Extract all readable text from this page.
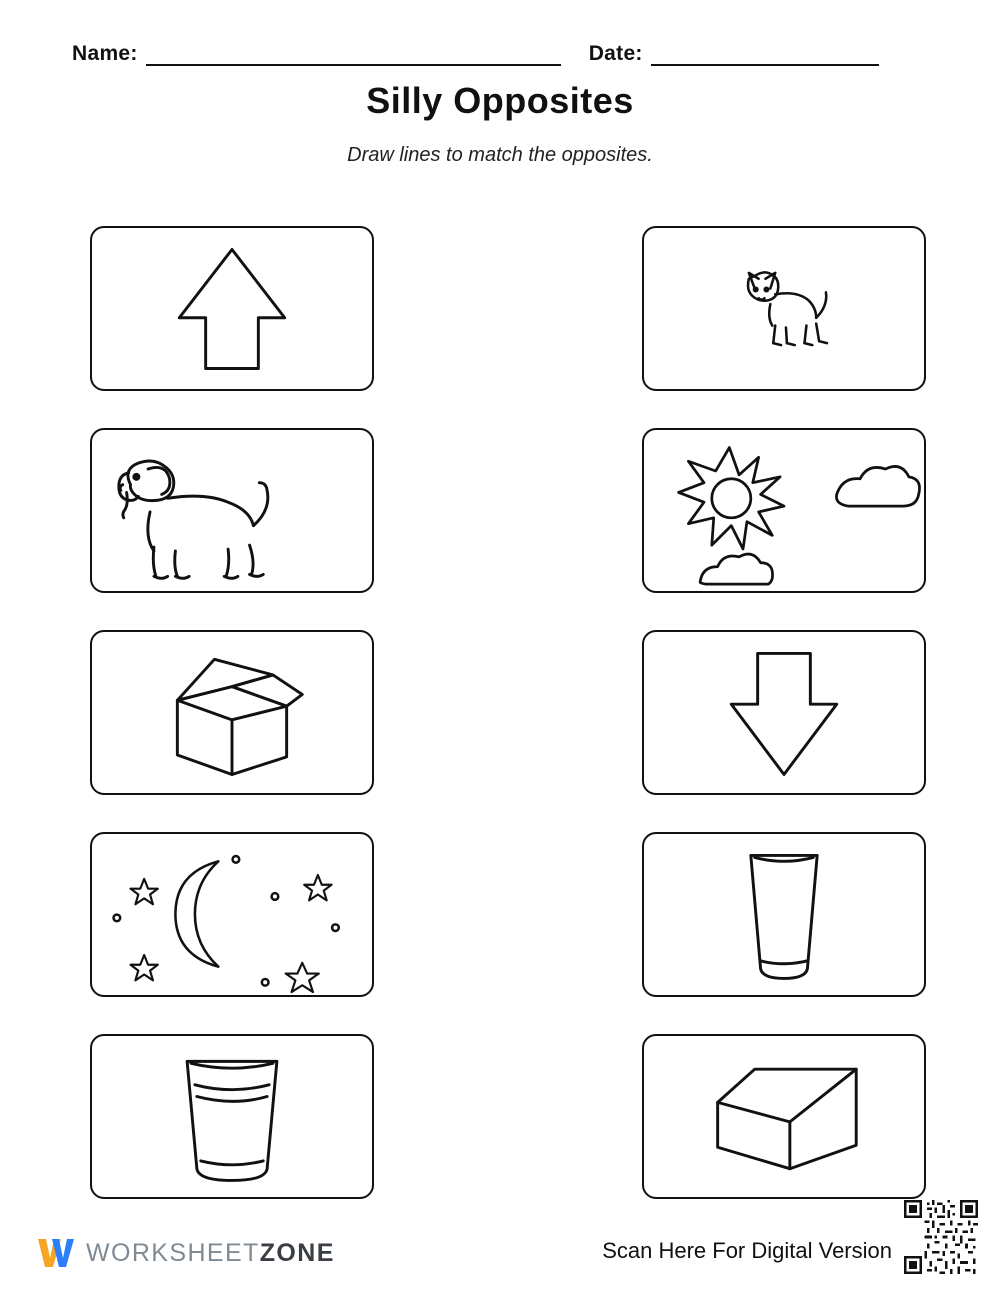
Name:	Date:
Silly Opposites
Draw lines to match the opposites.
WORKSHEETZONE	Scan Here For Digital Version
